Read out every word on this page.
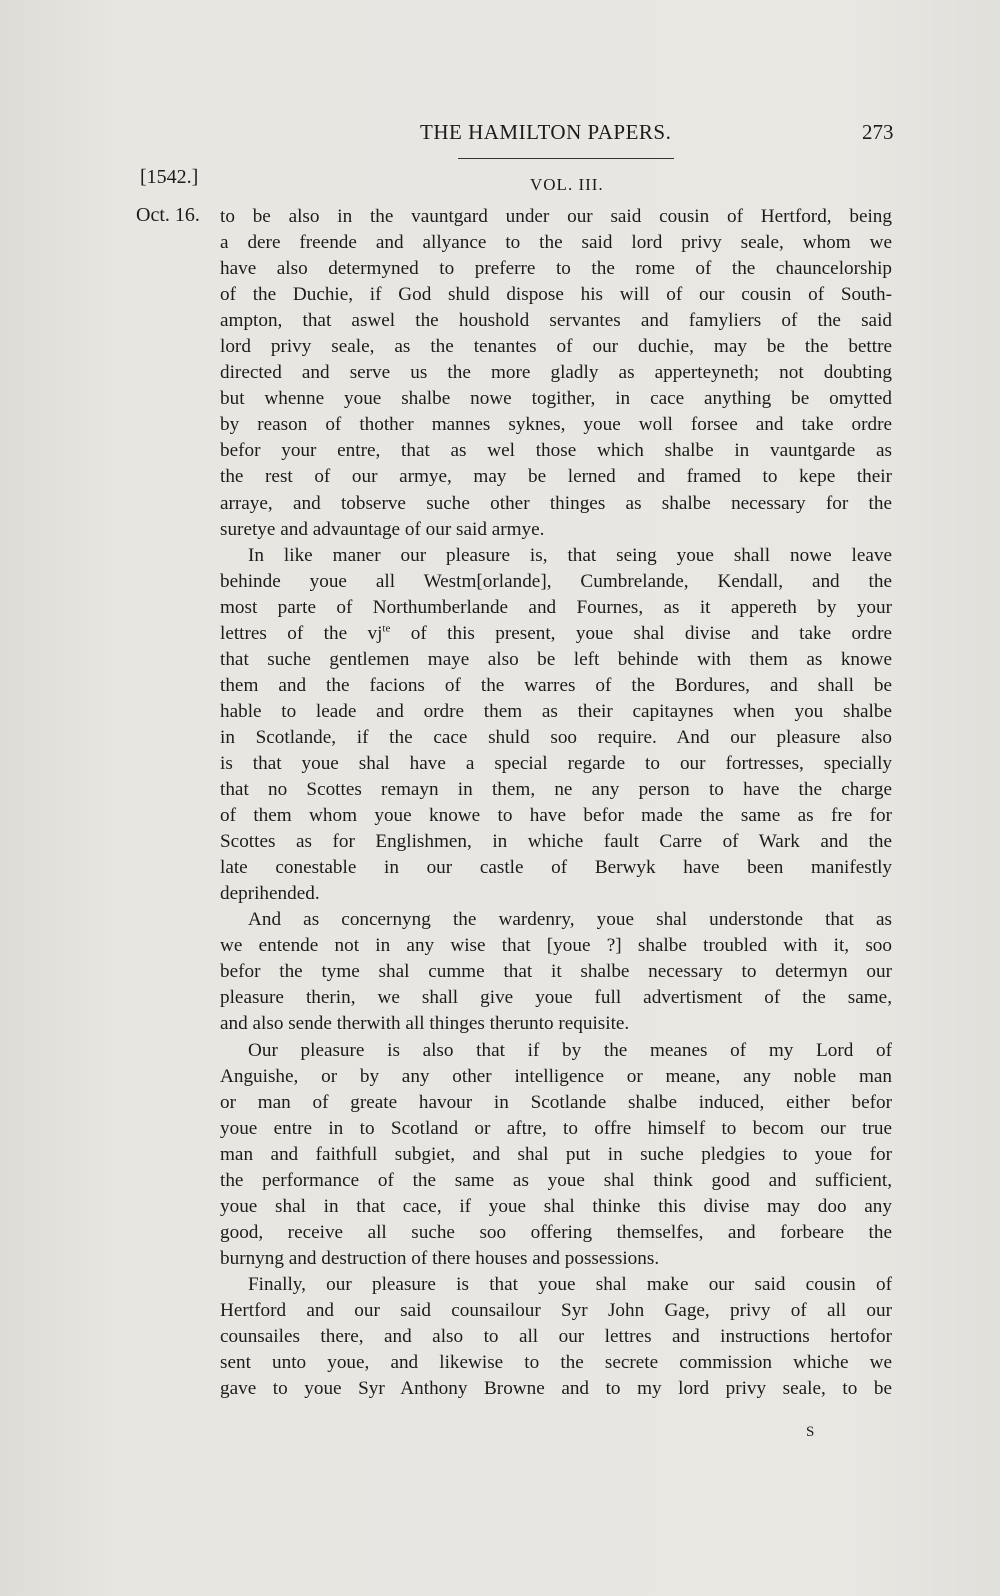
THE HAMILTON PAPERS.	273
[1542.]	VOL. III.
Oct. 16. to be also in the vauntgard under our said cousin of Hertford, being
a dere freende and allyance to the said lord privy seale, whom we
have also determyned to preferre to the rome of the chauncelorship
of the Duchie, if God shuld dispose his will of our cousin of South-
ampton, that aswel the houshold servantes and famyliers of the said
lord privy seale, as the tenantes of our duchie, may be the bettre
directed and serve us the more gladly as apperteyneth; not doubting
but whenne youe shalbe nowe togither, in cace anything be omytted
by reason of thother mannes syknes, youe woll forsee and take ordre
befor your entre, that as wel those which shalbe in vauntgarde as
the rest of our armye, may be lerned and framed to kepe their
arraye, and tobserve suche other thinges as shalbe necessary for the
suretye and advauntage of our said armye.
In like maner our pleasure is, that seing youe shall nowe leave
behinde youe all Westm[orlande], Cumbrelande, Kendall, and the
most parte of Northumberlande and Fournes, as it appereth by your
lettres of the $vj^{te}$ of this present, youe shal divise and take ordre
that suche gentlemen maye also be left behinde with them as knowe
them and the facions of the warres of the Bordures, and shall be
hable to leade and ordre them as their capitaynes when you shalbe
in Scotlande, if the cace shuld soo require. And our pleasure also
is that youe shal have a special regarde to our fortresses, specially
that no Scottes remayn in them, ne any person to have the charge
of them whom youe knowe to have befor made the same as fre for
Scottes as for Englishmen, in whiche fault Carre of Wark and the
late conestable in our castle of Berwyk have been manifestly
deprihended.
And as concernyng the wardenry, youe shal understonde that as
we entende not in any wise that [youe ?] shalbe troubled with it, soo
befor the tyme shal cumme that it shalbe necessary to determyn our
pleasure therin, we shall give youe full advertisment of the same,
and also sende therwith all thinges therunto requisite.
Our pleasure is also that if by the meanes of my Lord of
Anguishe, or by any other intelligence or meane, any noble man
or man of greate havour in Scotlande shalbe induced, either befor
youe entre in to Scotland or aftre, to offre himself to becom our true
man and faithfull subgiet, and shal put in suche pledgies to youe for
the performance of the same as youe shal think good and sufficient,
youe shal in that cace, if youe shal thinke this divise may doo any
good, receive all suche soo offering themselfes, and forbeare the
burnyng and destruction of there houses and possessions.
Finally, our pleasure is that youe shal make our said cousin of
Hertford and our said counsailour Syr John Gage, privy of all our
counsailes there, and also to all our lettres and instructions hertofor
sent unto youe, and likewise to the secrete commission whiche we
gave to youe Syr Anthony Browne and to my lord privy seale, to be
S
